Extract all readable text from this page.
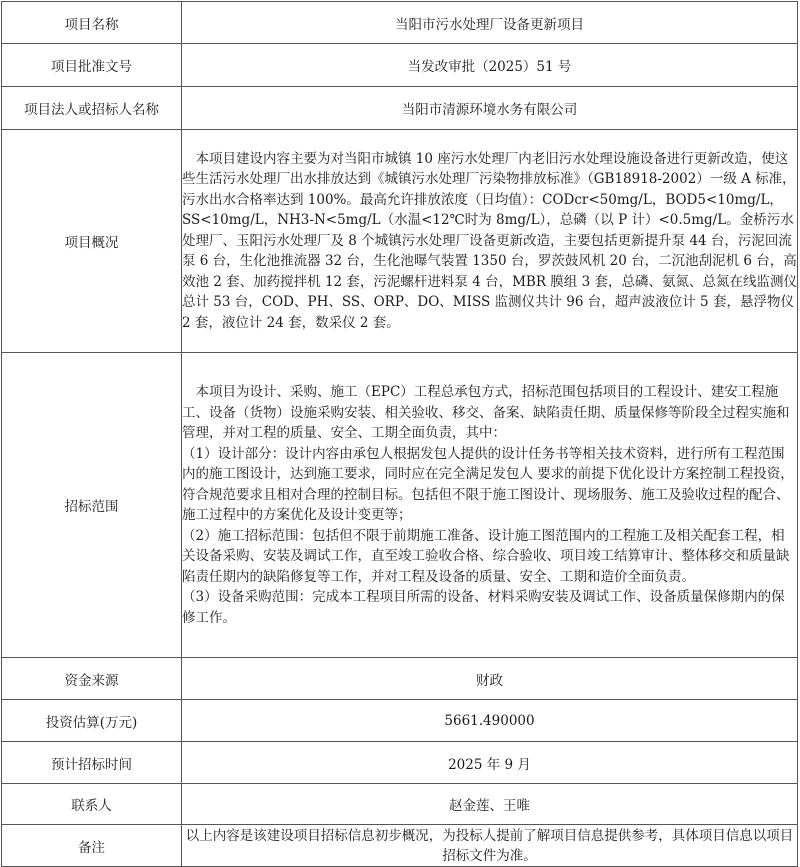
项目名称	当阳市污水处理厂设备更新项目
项目批准文号	当发改审批（2025）51 号
项目法人或招标人名称	当阳市清源环境水务有限公司
项目概况	本项目建设内容主要为对当阳市城镇 10 座污水处理厂内老旧污水处理设施设备进行更新改造，使这些生活污水处理厂出水排放达到《城镇污水处理厂污染物排放标准》（GB18918-2002）一级 A 标准，污水出水合格率达到 100%。最高允许排放浓度（日均值）：CODcr<50mg/L，BOD5<10mg/L，SS<10mg/L，NH3-N<5mg/L（水温<12℃时为 8mg/L），总磷（以 P 计）<0.5mg/L。金桥污水处理厂、玉阳污水处理厂及 8 个城镇污水处理厂设备更新改造，主要包括更新提升泵 44 台，污泥回流泵 6 台，生化池推流器 32 台，生化池曝气装置 1350 台，罗茨鼓风机 20 台，二沉池刮泥机 6 台，高效池 2 套、加药搅拌机 12 套，污泥螺杆进料泵 4 台，MBR 膜组 3 套，总磷、氨氮、总氮在线监测仪总计 53 台，COD、PH、SS、ORP、DO、MISS 监测仪共计 96 台，超声波液位计 5 套，悬浮物仪 2 套，液位计 24 套，数采仪 2 套。

招标范围	本项目为设计、采购、施工（EPC）工程总承包方式，招标范围包括项目的工程设计、建安工程施工、设备（货物）设施采购安装、相关验收、移交、备案、缺陷责任期、质量保修等阶段全过程实施和管理，并对工程的质量、安全、工期全面负责，其中：

（1）设计部分：设计内容由承包人根据发包人提供的设计任务书等相关技术资料，进行所有工程范围内的施工图设计，达到施工要求，同时应在完全满足发包人 要求的前提下优化设计方案控制工程投资，符合规范要求且相对合理的控制目标。包括但不限于施工图设计、现场服务、施工及验收过程的配合、施工过程中的方案优化及设计变更等；

（2）施工招标范围：包括但不限于前期施工准备、设计施工图范围内的工程施工及相关配套工程，相关设备采购、安装及调试工作，直至竣工验收合格、综合验收、项目竣工结算审计、整体移交和质量缺陷责任期内的缺陷修复等工作，并对工程及设备的质量、安全、工期和造价全面负责。

（3）设备采购范围：完成本工程项目所需的设备、材料采购安装及调试工作、设备质量保修期内的保修工作。

资金来源	财政
投资估算(万元)	5661.490000
预计招标时间	2025 年 9 月
联系人	赵金莲、王唯
备注	以上内容是该建设项目招标信息初步概况，为投标人提前了解项目信息提供参考，具体项目信息以项目招标文件为准。
